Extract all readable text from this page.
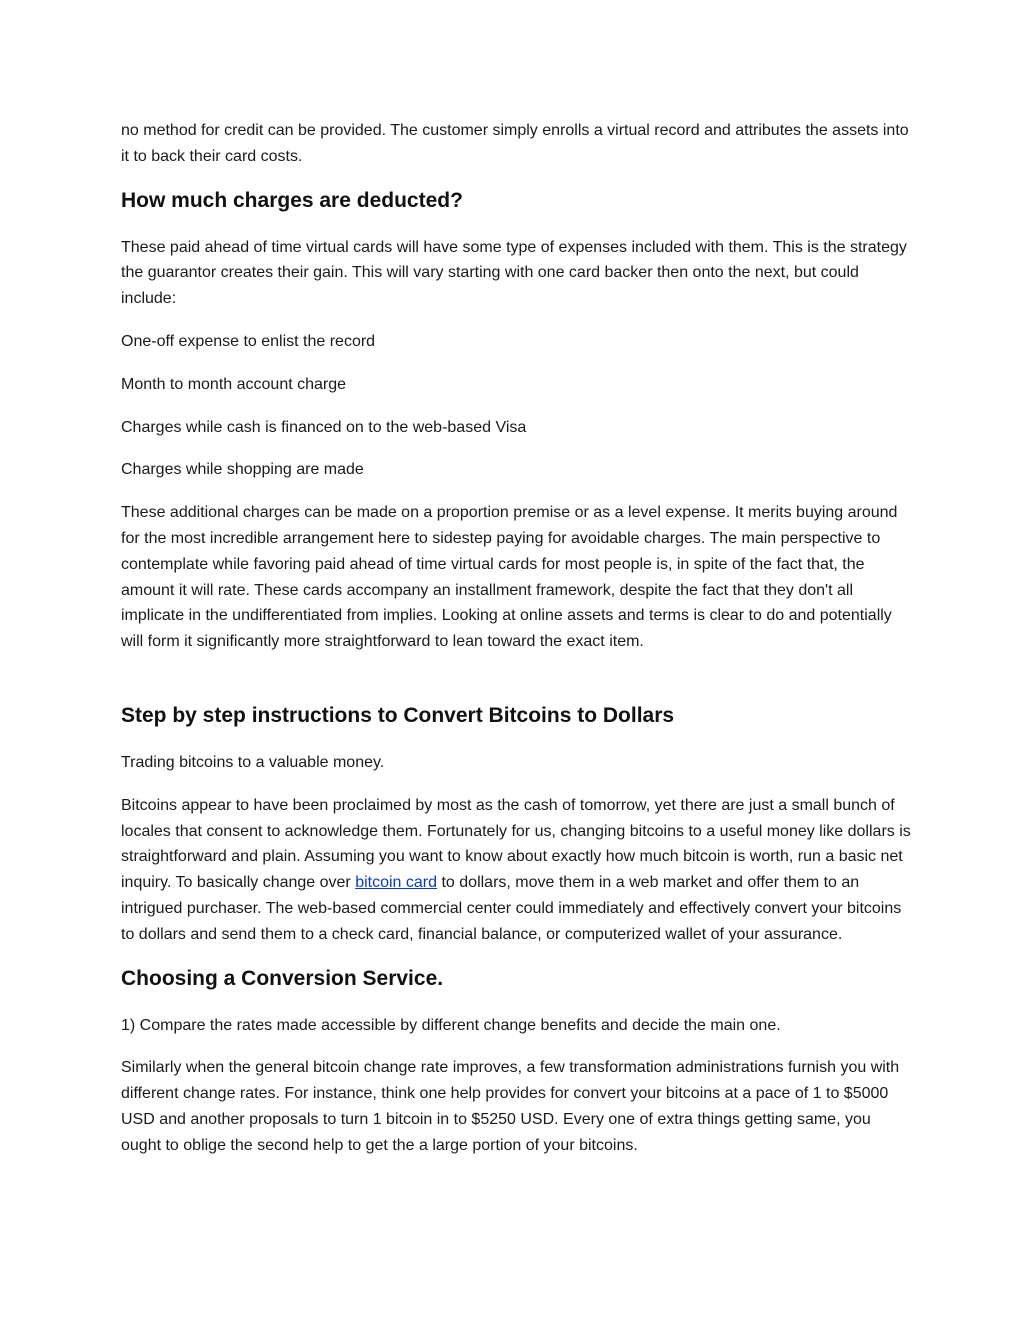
no method for credit can be provided. The customer simply enrolls a virtual record and attributes the assets into it to back their card costs.

How much charges are deducted?

These paid ahead of time virtual cards will have some type of expenses included with them. This is the strategy the guarantor creates their gain. This will vary starting with one card backer then onto the next, but could include:

One-off expense to enlist the record

Month to month account charge

Charges while cash is financed on to the web-based Visa

Charges while shopping are made

These additional charges can be made on a proportion premise or as a level expense. It merits buying around for the most incredible arrangement here to sidestep paying for avoidable charges. The main perspective to contemplate while favoring paid ahead of time virtual cards for most people is, in spite of the fact that, the amount it will rate. These cards accompany an installment framework, despite the fact that they don't all implicate in the undifferentiated from implies. Looking at online assets and terms is clear to do and potentially will form it significantly more straightforward to lean toward the exact item.

Step by step instructions to Convert Bitcoins to Dollars

Trading bitcoins to a valuable money.

Bitcoins appear to have been proclaimed by most as the cash of tomorrow, yet there are just a small bunch of locales that consent to acknowledge them. Fortunately for us, changing bitcoins to a useful money like dollars is straightforward and plain. Assuming you want to know about exactly how much bitcoin is worth, run a basic net inquiry. To basically change over bitcoin card to dollars, move them in a web market and offer them to an intrigued purchaser. The web-based commercial center could immediately and effectively convert your bitcoins to dollars and send them to a check card, financial balance, or computerized wallet of your assurance.

Choosing a Conversion Service.

1) Compare the rates made accessible by different change benefits and decide the main one.

Similarly when the general bitcoin change rate improves, a few transformation administrations furnish you with different change rates. For instance, think one help provides for convert your bitcoins at a pace of 1 to $5000 USD and another proposals to turn 1 bitcoin in to $5250 USD. Every one of extra things getting same, you ought to oblige the second help to get the a large portion of your bitcoins.
